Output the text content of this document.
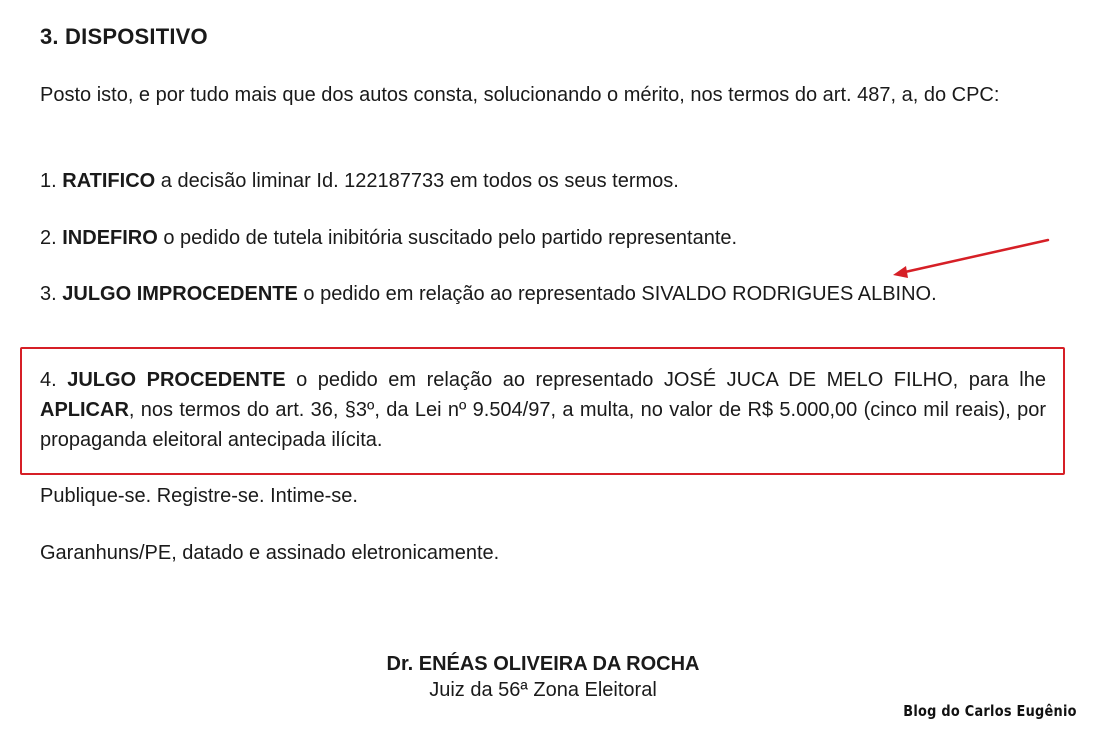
3. DISPOSITIVO
Posto isto, e por tudo mais que dos autos consta, solucionando o mérito, nos termos do art. 487, a, do CPC:
1. RATIFICO a decisão liminar Id. 122187733 em todos os seus termos.
2. INDEFIRO o pedido de tutela inibitória suscitado pelo partido representante.
3. JULGO IMPROCEDENTE o pedido em relação ao representado SIVALDO RODRIGUES ALBINO.
4. JULGO PROCEDENTE o pedido em relação ao representado JOSÉ JUCA DE MELO FILHO, para lhe APLICAR, nos termos do art. 36, §3º, da Lei nº 9.504/97, a multa, no valor de R$ 5.000,00 (cinco mil reais), por propaganda eleitoral antecipada ilícita.
Publique-se. Registre-se. Intime-se.
Garanhuns/PE, datado e assinado eletronicamente.
Dr. ENÉAS OLIVEIRA DA ROCHA
Juiz da 56ª Zona Eleitoral
Blog do Carlos Eugênio
